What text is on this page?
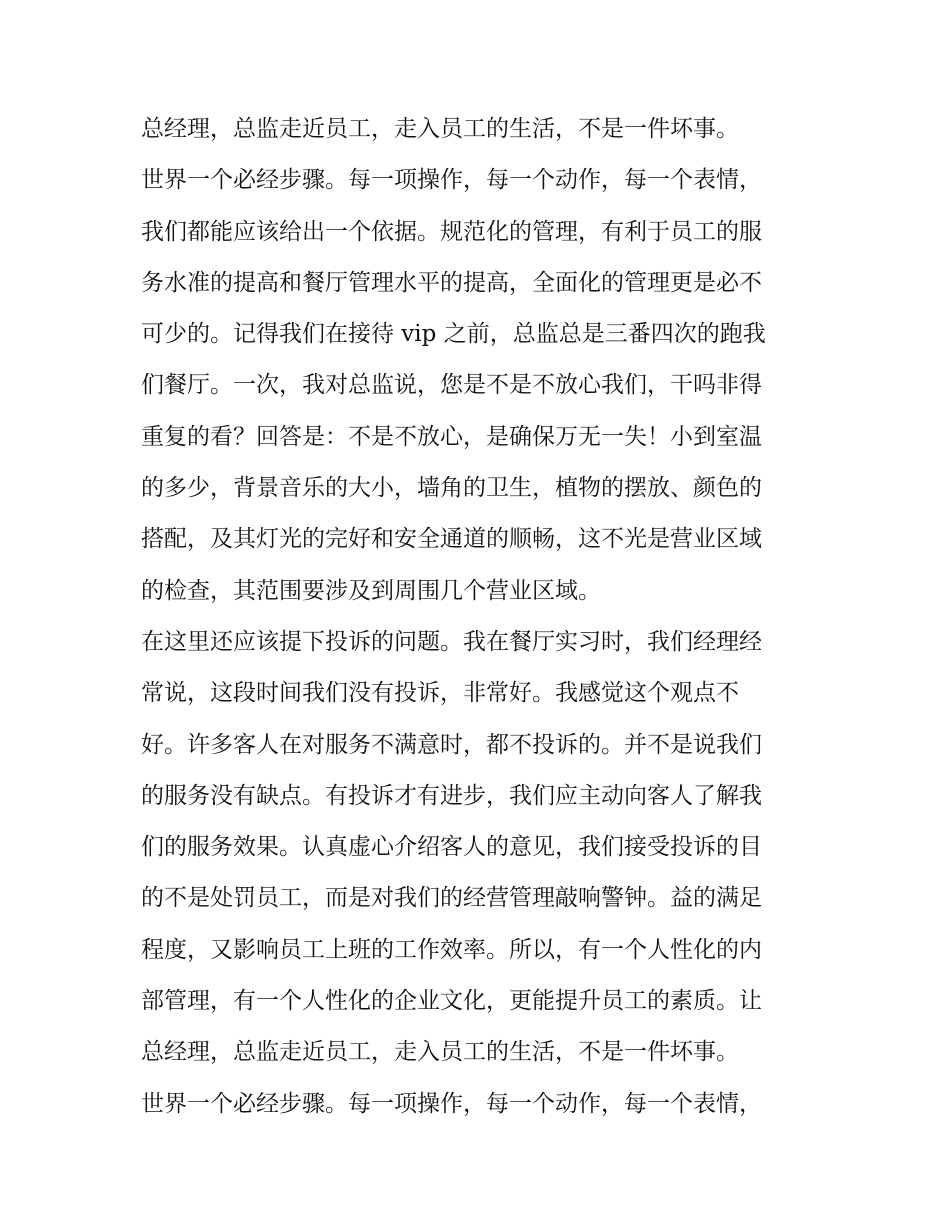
总经理，总监走近员工，走入员工的生活，不是一件坏事。
世界一个必经步骤。每一项操作，每一个动作，每一个表情，
我们都能应该给出一个依据。规范化的管理，有利于员工的服
务水准的提高和餐厅管理水平的提高，全面化的管理更是必不
可少的。记得我们在接待 vip 之前，总监总是三番四次的跑我
们餐厅。一次，我对总监说，您是不是不放心我们，干吗非得
重复的看？回答是：不是不放心，是确保万无一失！小到室温
的多少，背景音乐的大小，墙角的卫生，植物的摆放、颜色的
搭配，及其灯光的完好和安全通道的顺畅，这不光是营业区域
的检查，其范围要涉及到周围几个营业区域。
在这里还应该提下投诉的问题。我在餐厅实习时，我们经理经
常说，这段时间我们没有投诉，非常好。我感觉这个观点不
好。许多客人在对服务不满意时，都不投诉的。并不是说我们
的服务没有缺点。有投诉才有进步，我们应主动向客人了解我
们的服务效果。认真虚心介绍客人的意见，我们接受投诉的目
的不是处罚员工，而是对我们的经营管理敲响警钟。益的满足
程度，又影响员工上班的工作效率。所以，有一个人性化的内
部管理，有一个人性化的企业文化，更能提升员工的素质。让
总经理，总监走近员工，走入员工的生活，不是一件坏事。
世界一个必经步骤。每一项操作，每一个动作，每一个表情，
